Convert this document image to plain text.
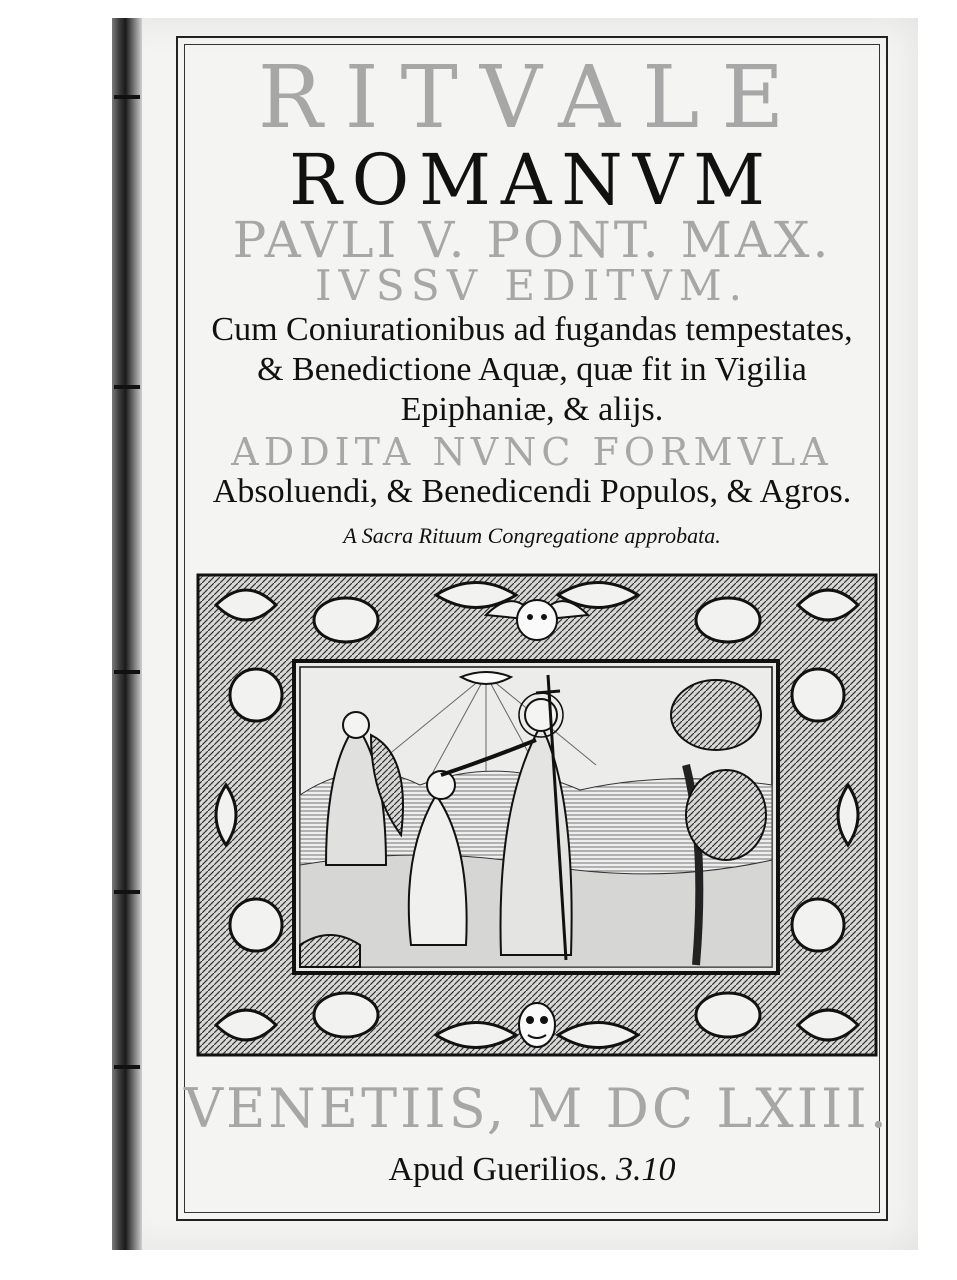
RITVALE
ROMANVM
PAVLI V. PONT. MAX.
IVSSV EDITVM.
Cum Coniurationibus ad fugandas tempestates,
& Benedictione Aquæ, quæ fit in Vigilia
Epiphaniæ, & alijs.
ADDITA NVNC FORMVLA
Absoluendi, & Benedicendi Populos, & Agros.
A Sacra Rituum Congregatione approbata.
VENETIIS, M DC LXIII.
Apud Guerilios. 3.10
